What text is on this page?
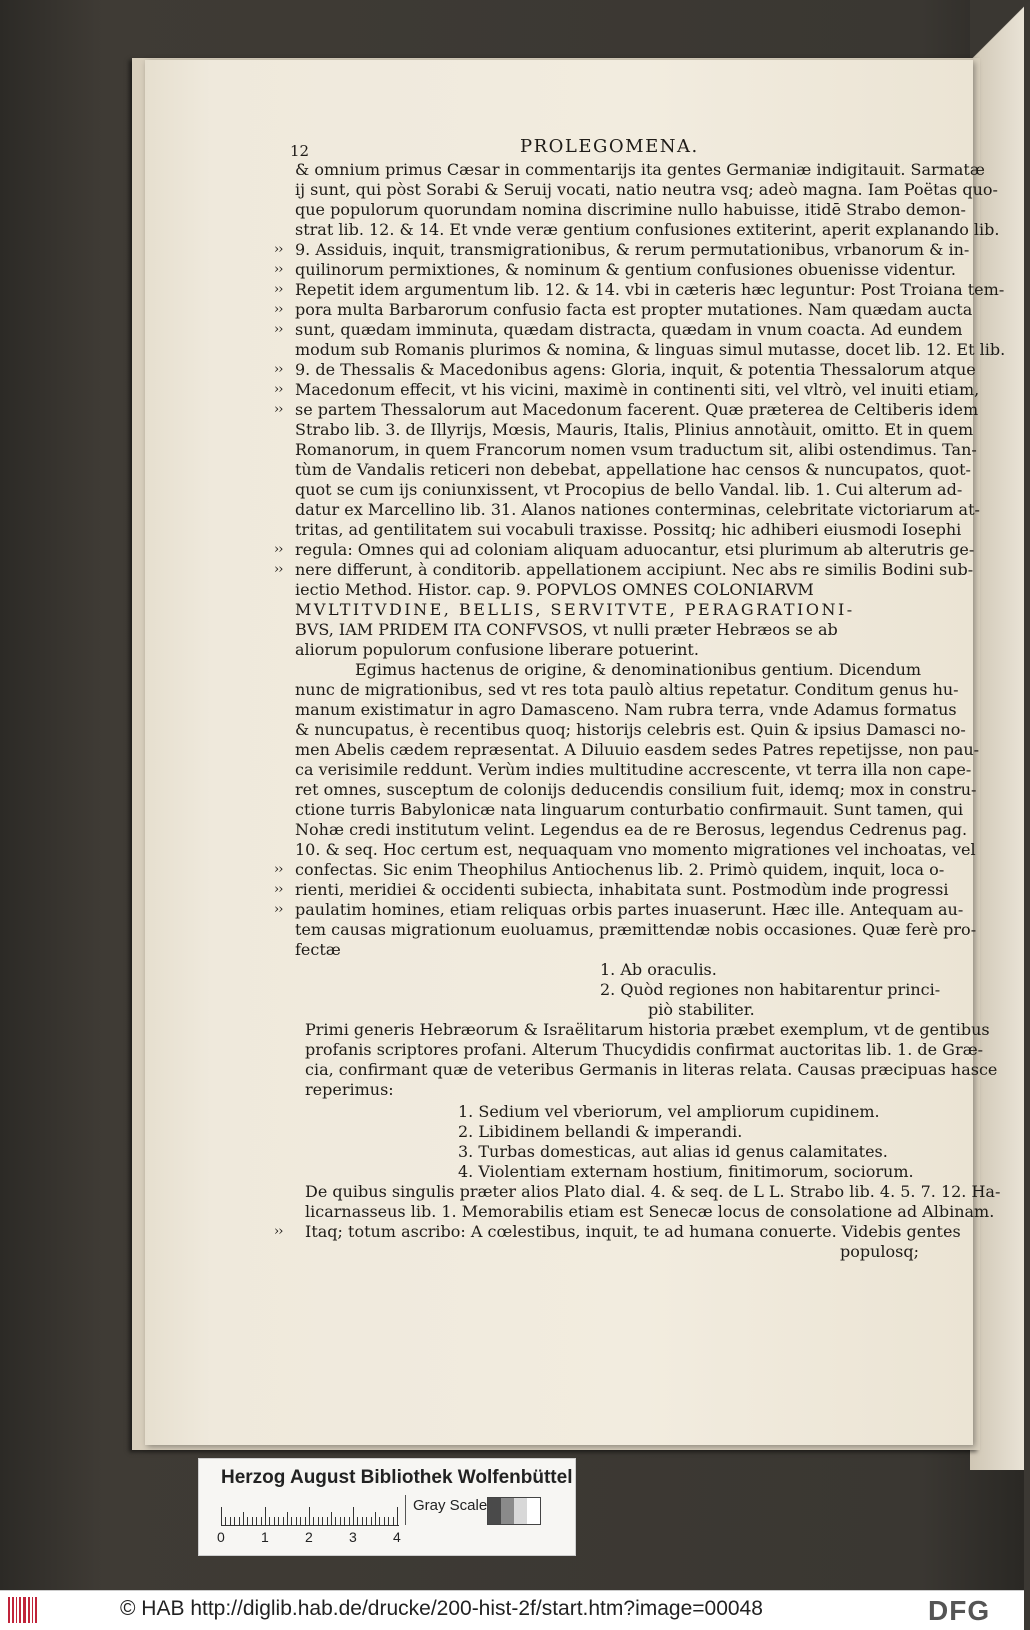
12	PROLEGOMENA.
& omnium primus Cæsar in commentarijs ita gentes Germaniæ indigitauit. Sarmatæ
ij sunt, qui pòst Sorabi & Seruij vocati, natio neutra vsq; adeò magna. Iam Poëtas quo-
que populorum quorundam nomina discrimine nullo habuisse, itidē Strabo demon-
strat lib. 12. & 14. Et vnde veræ gentium confusiones extiterint, aperit explanando lib.
9. Assiduis, inquit, transmigrationibus, & rerum permutationibus, vrbanorum & in-
››
quilinorum permixtiones, & nominum & gentium confusiones obuenisse videntur.
››
Repetit idem argumentum lib. 12. & 14. vbi in cæteris hæc leguntur: Post Troiana tem-
››
pora multa Barbarorum confusio facta est propter mutationes. Nam quædam aucta
››
sunt, quædam imminuta, quædam distracta, quædam in vnum coacta. Ad eundem
››
modum sub Romanis plurimos & nomina, & linguas simul mutasse, docet lib. 12. Et lib.
9. de Thessalis & Macedonibus agens: Gloria, inquit, & potentia Thessalorum atque
››
Macedonum effecit, vt his vicini, maximè in continenti siti, vel vltrò, vel inuiti etiam,
››
se partem Thessalorum aut Macedonum facerent. Quæ præterea de Celtiberis idem
››
Strabo lib. 3. de Illyrijs, Mœsis, Mauris, Italis, Plinius annotàuit, omitto. Et in quem
Romanorum, in quem Francorum nomen vsum traductum sit, alibi ostendimus. Tan-
tùm de Vandalis reticeri non debebat, appellatione hac censos & nuncupatos, quot-
quot se cum ijs coniunxissent, vt Procopius de bello Vandal. lib. 1. Cui alterum ad-
datur ex Marcellino lib. 31. Alanos nationes conterminas, celebritate victoriarum at-
tritas, ad gentilitatem sui vocabuli traxisse. Possitq; hic adhiberi eiusmodi Iosephi
regula: Omnes qui ad coloniam aliquam aduocantur, etsi plurimum ab alterutris ge-
››
nere differunt, à conditorib. appellationem accipiunt. Nec abs re similis Bodini sub-
››
iectio Method. Histor. cap. 9. POPVLOS OMNES COLONIARVM
MVLTITVDINE, BELLIS, SERVITVTE, PERAGRATIONI-
BVS, IAM PRIDEM ITA CONFVSOS, vt nulli præter Hebræos se ab
aliorum populorum confusione liberare potuerint.
Egimus hactenus de origine, & denominationibus gentium. Dicendum
nunc de migrationibus, sed vt res tota paulò altius repetatur. Conditum genus hu-
manum existimatur in agro Damasceno. Nam rubra terra, vnde Adamus formatus
& nuncupatus, è recentibus quoq; historijs celebris est. Quin & ipsius Damasci no-
men Abelis cædem repræsentat. A Diluuio easdem sedes Patres repetijsse, non pau-
ca verisimile reddunt. Verùm indies multitudine accrescente, vt terra illa non cape-
ret omnes, susceptum de colonijs deducendis consilium fuit, idemq; mox in constru-
ctione turris Babylonicæ nata linguarum conturbatio confirmauit. Sunt tamen, qui
Nohæ credi institutum velint. Legendus ea de re Berosus, legendus Cedrenus pag.
10. & seq. Hoc certum est, nequaquam vno momento migrationes vel inchoatas, vel
confectas. Sic enim Theophilus Antiochenus lib. 2. Primò quidem, inquit, loca o-
››
rienti, meridiei & occidenti subiecta, inhabitata sunt. Postmodùm inde progressi
››
paulatim homines, etiam reliquas orbis partes inuaserunt. Hæc ille. Antequam au-
››
tem causas migrationum euoluamus, præmittendæ nobis occasiones. Quæ ferè pro-
fectæ
1. Ab oraculis.
2. Quòd regiones non habitarentur princi-
piò stabiliter.
Primi generis Hebræorum & Israëlitarum historia præbet exemplum, vt de gentibus
profanis scriptores profani. Alterum Thucydidis confirmat auctoritas lib. 1. de Græ-
cia, confirmant quæ de veteribus Germanis in literas relata. Causas præcipuas hasce
reperimus:
1. Sedium vel vberiorum, vel ampliorum cupidinem.
2. Libidinem bellandi & imperandi.
3. Turbas domesticas, aut alias id genus calamitates.
4. Violentiam externam hostium, finitimorum, sociorum.
De quibus singulis præter alios Plato dial. 4. & seq. de L L. Strabo lib. 4. 5. 7. 12. Ha-
licarnasseus lib. 1. Memorabilis etiam est Senecæ locus de consolatione ad Albinam.
Itaq; totum ascribo: A cœlestibus, inquit, te ad humana conuerte. Videbis gentes
››
populosq;
Herzog August Bibliothek Wolfenbüttel
Gray Scale
0	1	2	3	4
© HAB http://diglib.hab.de/drucke/200-hist-2f/start.htm?image=00048	DFG
